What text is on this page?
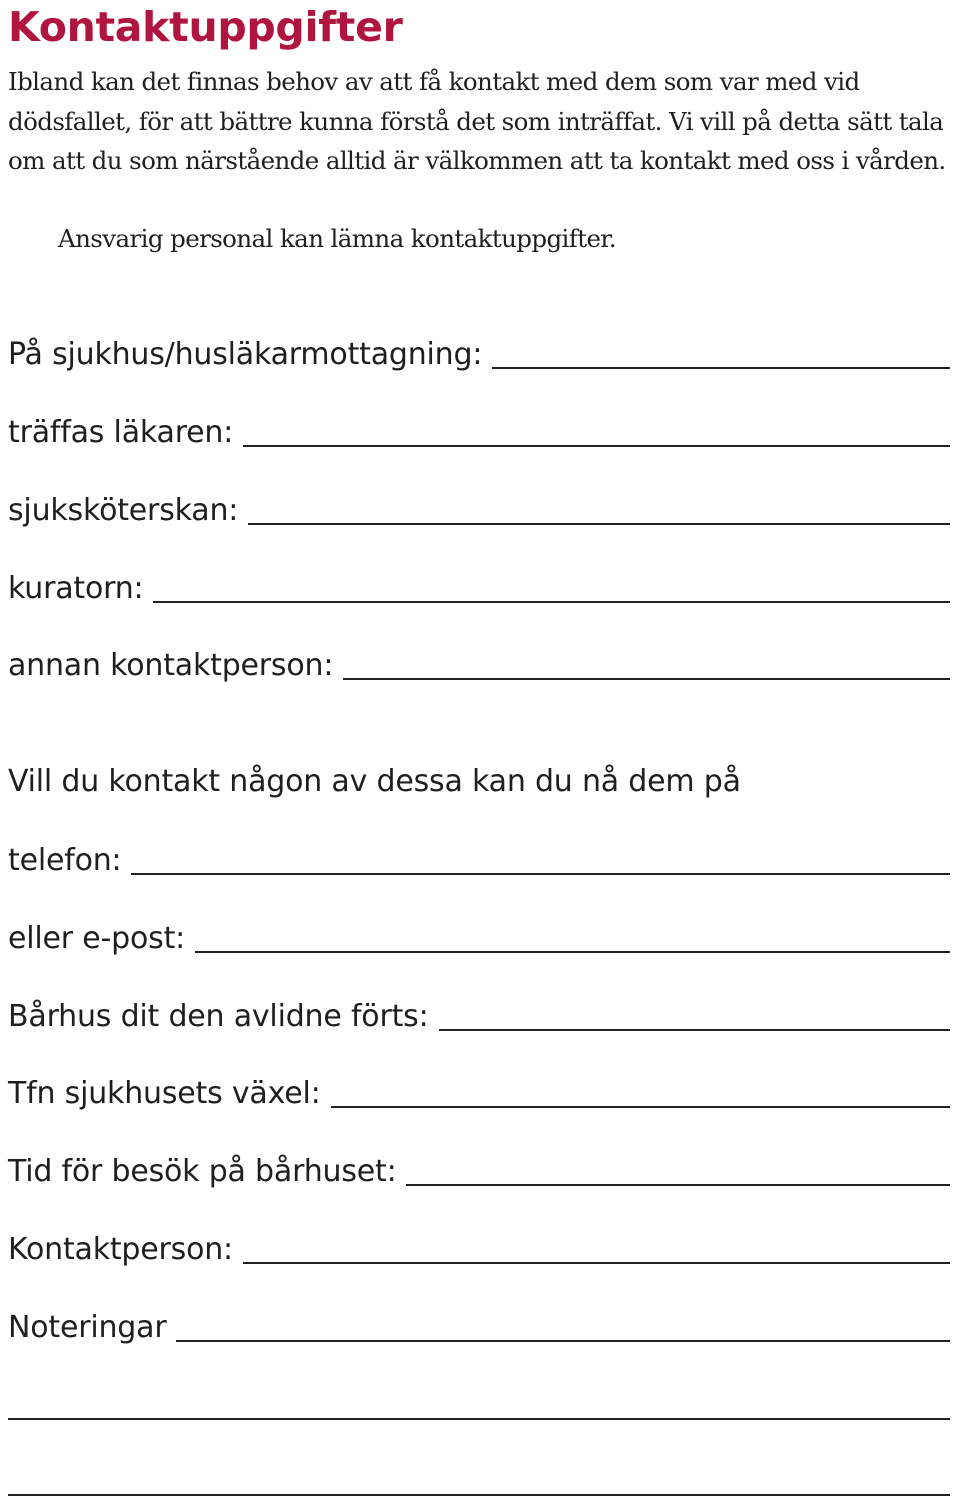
Kontaktuppgifter

Ibland kan det finnas behov av att få kontakt med dem som var med vid dödsfallet, för att bättre kunna förstå det som inträffat. Vi vill på detta sätt tala om att du som närstående alltid är välkommen att ta kontakt med oss i vården.

Ansvarig personal kan lämna kontaktuppgifter.

På sjukhus/husläkarmottagning:
träffas läkaren:
sjuksköterskan:
kuratorn:
annan kontaktperson:

Vill du kontakt någon av dessa kan du nå dem på

telefon:
eller e-post:
Bårhus dit den avlidne förts:
Tfn sjukhusets växel:
Tid för besök på bårhuset:
Kontaktperson:
Noteringar
